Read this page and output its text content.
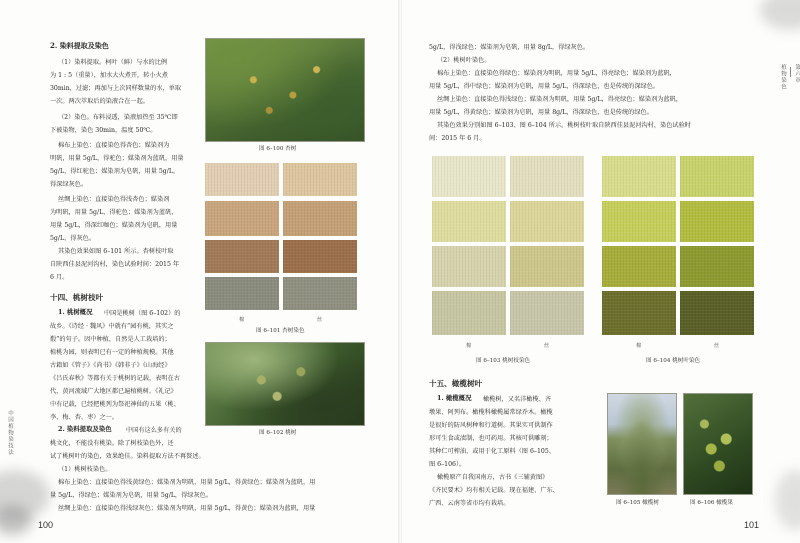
中国植物染技法
2. 染料提取及染色
（1）染料提取。柯叶（鲜）与水的比例
为 1 : 5（重量），加水大火煮开，转小火煮
30min，过滤；再加与上次同样数量的水，单取
一次。两次萃取后的染液合在一起。
（2）染色。布料浸透，染液加热至 35℃即
下被染物，染色 30min，温度 50℃。
棉布上染色：直接染色得杏色；媒染剂为
明矾，用量 5g/L，得驼色；媒染剂为蓝矾，用量
5g/L，得红驼色；媒染剂为皂矾，用量 5g/L，
得深绿灰色。
丝绸上染色：直接染色得浅杏色；媒染剂
为明矾，用量 5g/L，得驼色；媒染剂为蓝矾，
用量 5g/L，得深红咖色；媒染剂为皂矾，用量
5g/L，得灰色。
其染色效果如图 6–101 所示。杏树枝叶取
自陕西佳县泥河沟村，染色试验时间：2015 年
6 月。
图 6–100 杏树
棉	丝
图 6–101 杏树染色
十四、桃树枝叶
1. 桃树概况 中国是桃树（图 6–102）的
故乡。《诗经 · 魏风》中就有“园有桃，其实之
殽”的句子。因中种植，自然是人工栽培的；
植桃为园，则表明已有一定的种植规模。其他
古籍如《管子》《尚书》《韩非子》《山海经》
《吕氏春秋》等都有关于桃树的记载，表明在古
代，黄河流域广大地区都已遍植桃树。《礼记》
中有记载，已经把桃列为祭祀神仙的五果（桃、
李、梅、杏、枣）之一。
图 6–102 桃树
2. 染料提取及染色 中国有这么多有关的
桃文化，不能没有桃染。除了树枝染色外，还
试了桃树叶的染色，效果绝佳。染料提取方法不再赘述。
（1）桃树枝染色。
棉布上染色：直接染色得浅黄绿色；媒染剂为明矾，用量 5g/L，得黄绿色；媒染剂为蓝矾，用
量 5g/L，得绿色；媒染剂为皂矾，用量 5g/L，得绿灰色。
丝绸上染色：直接染色得浅绿灰色；媒染剂为明矾，用量 5g/L，得黄色；媒染剂为蓝矾，用量
100
第六章

植物染色
5g/L，得浅绿色；媒染剂为皂矾，用量 8g/L，得绿灰色。
（2）桃树叶染色。
棉布上染色：直接染色得绿色；媒染剂为明矾，用量 5g/L，得亮绿色；媒染剂为蓝矾，
用量 5g/L，得中绿色；媒染剂为皂矾，用量 5g/L，得深绿色，也是传统的深绿色。
丝绸上染色：直接染色得浅绿色；媒染剂为明矾，用量 5g/L，得亮绿色；媒染剂为蓝矾，
用量 5g/L，得黄绿色；媒染剂为皂矾，用量 8g/L，得深绿色，也是传统的绿色。
其染色效果分别如图 6–103、图 6–104 所示。桃树枝叶取自陕西佳县泥河沟村，染色试验时
间：2015 年 6 月。
棉	丝
图 6–103 桃树枝染色
棉	丝
图 6–104 桃树叶染色
十五、橄榄树叶
1. 橄榄概况 橄榄树，又名洋橄榄、齐
墩果、阿列布。橄榄科橄榄属常绿乔木。橄榄
是很好的防风树种和行道树。其果实可供制作
形可生食或渍制，也可药用。其核可供雕刻；
其种仁可榨油，或用于化工原料（图 6–105、
图 6–106）。
橄榄原产自我国南方，古书《三辅黄图》
《齐民要术》均有相关记载。现在福建、广东、
广西、云南等省市均有栽培。	图 6–105 橄榄树	图 6–106 橄榄果
101
